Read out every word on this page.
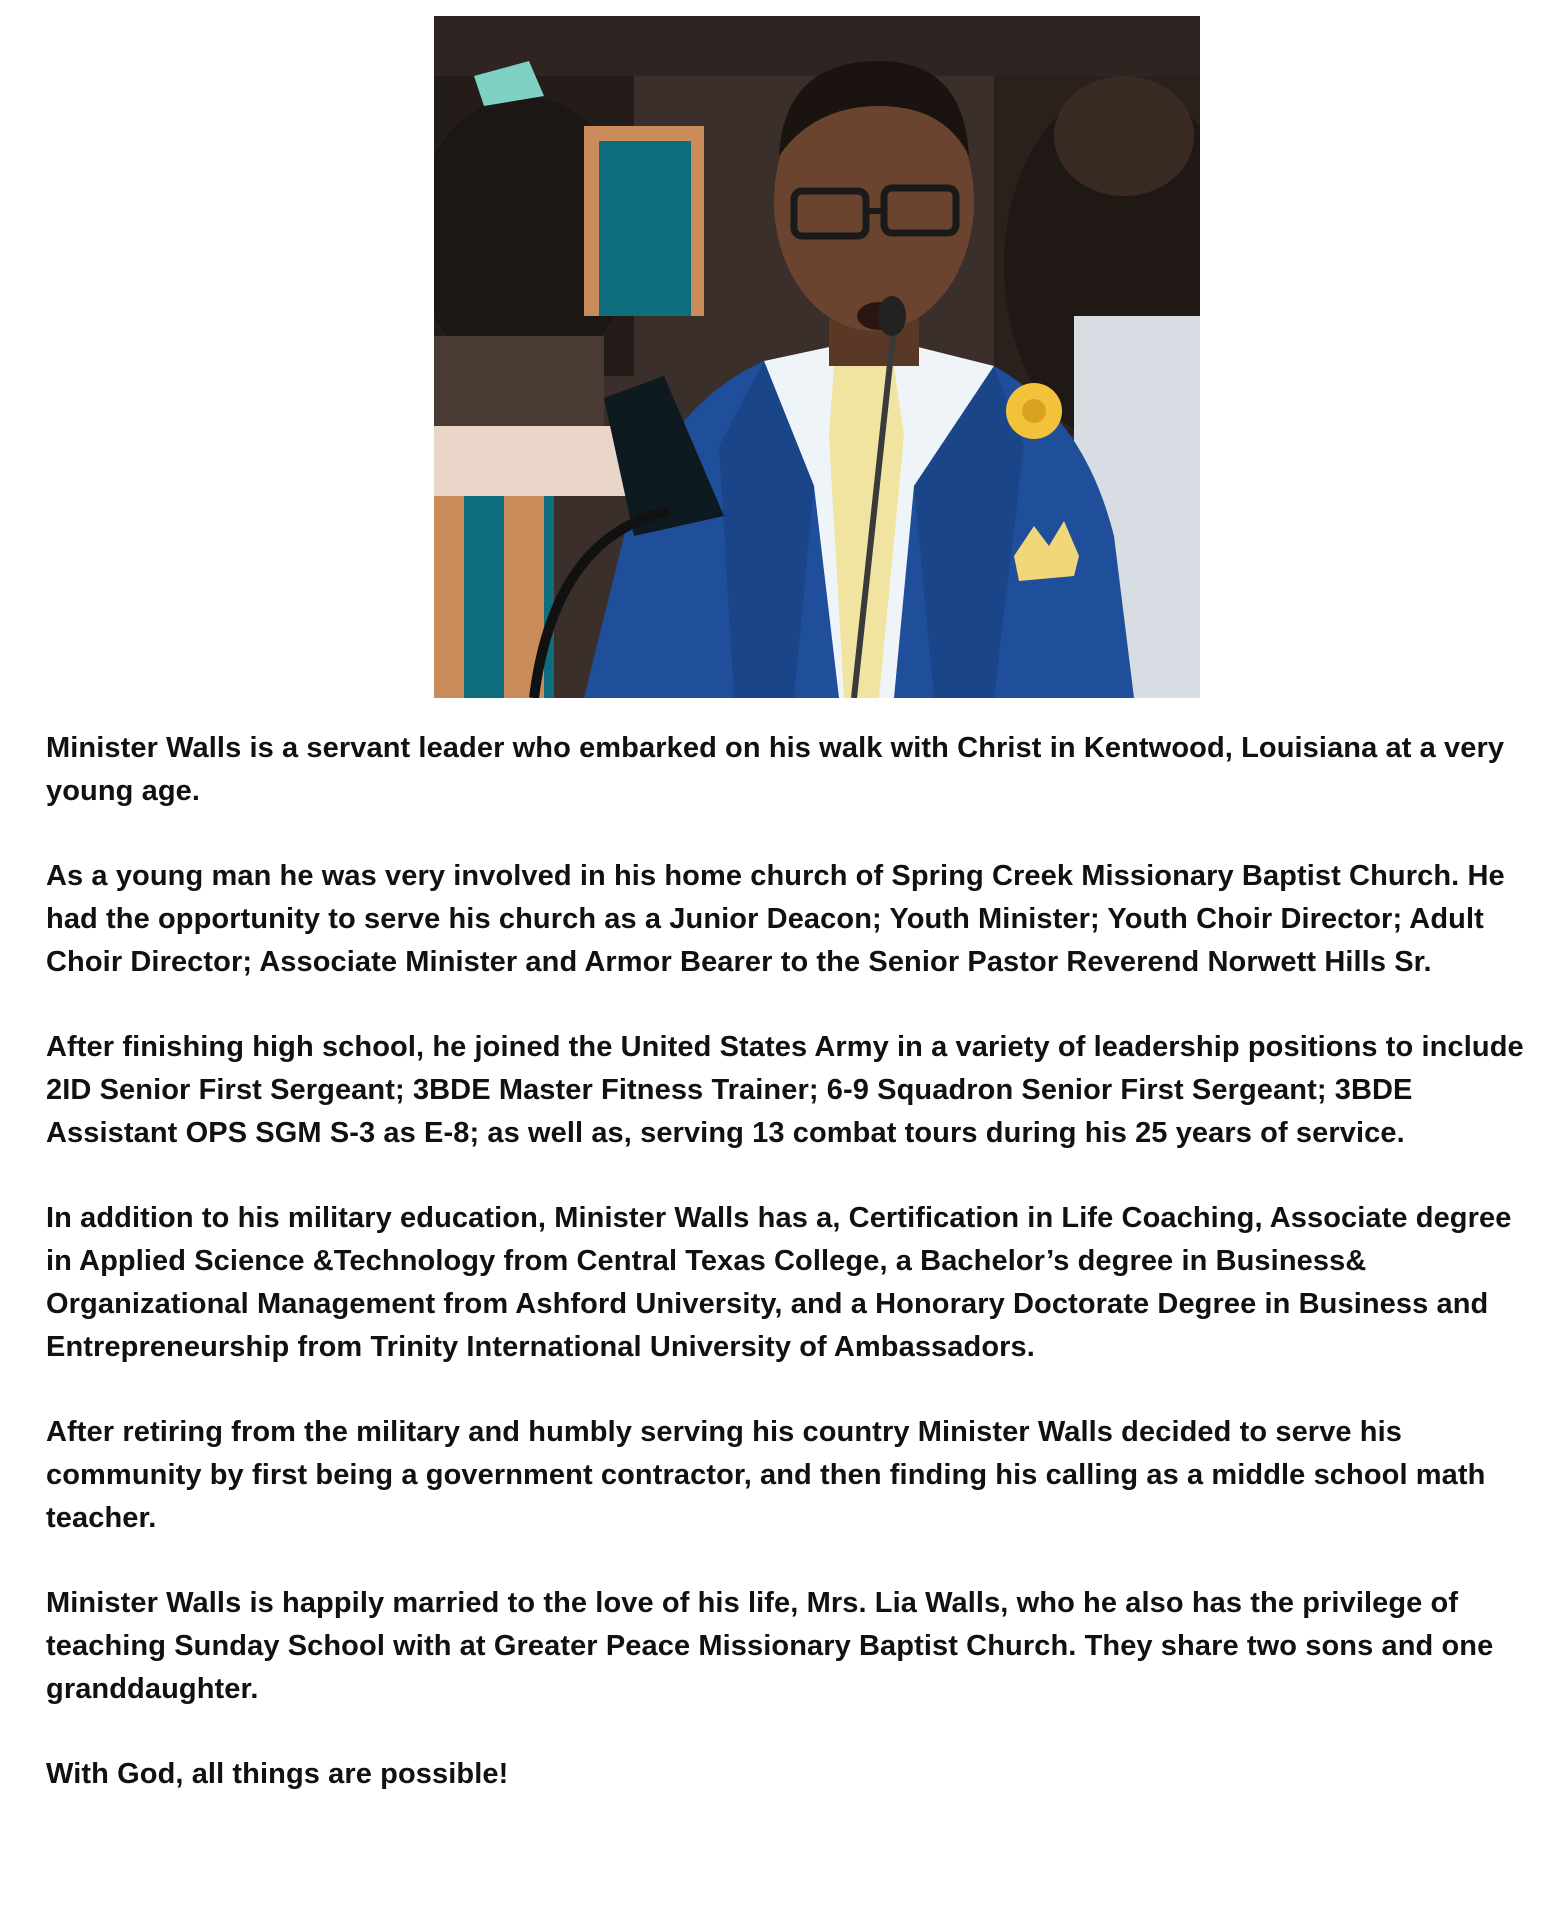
Minister Walls is a servant leader who embarked on his walk with Christ in Kentwood, Louisiana at a very young age.

As a young man he was very involved in his home church of Spring Creek Missionary Baptist Church. He had the opportunity to serve his church as a Junior Deacon; Youth Minister; Youth Choir Director; Adult Choir Director; Associate Minister and Armor Bearer to the Senior Pastor Reverend Norwett Hills Sr.

After finishing high school, he joined the United States Army in a variety of leadership positions to include 2ID Senior First Sergeant; 3BDE Master Fitness Trainer; 6-9 Squadron Senior First Sergeant; 3BDE Assistant OPS SGM S-3 as E-8; as well as, serving 13 combat tours during his 25 years of service.

In addition to his military education, Minister Walls has a, Certification in Life Coaching, Associate degree in Applied Science &Technology from Central Texas College, a Bachelor’s degree in Business& Organizational Management from Ashford University, and a Honorary Doctorate Degree in Business and Entrepreneurship from Trinity International University of Ambassadors.

After retiring from the military and humbly serving his country Minister Walls decided to serve his community by first being a government contractor, and then finding his calling as a middle school math teacher.

Minister Walls is happily married to the love of his life, Mrs. Lia Walls, who he also has the privilege of teaching Sunday School with at Greater Peace Missionary Baptist Church. They share two sons and one granddaughter.

With God, all things are possible!
